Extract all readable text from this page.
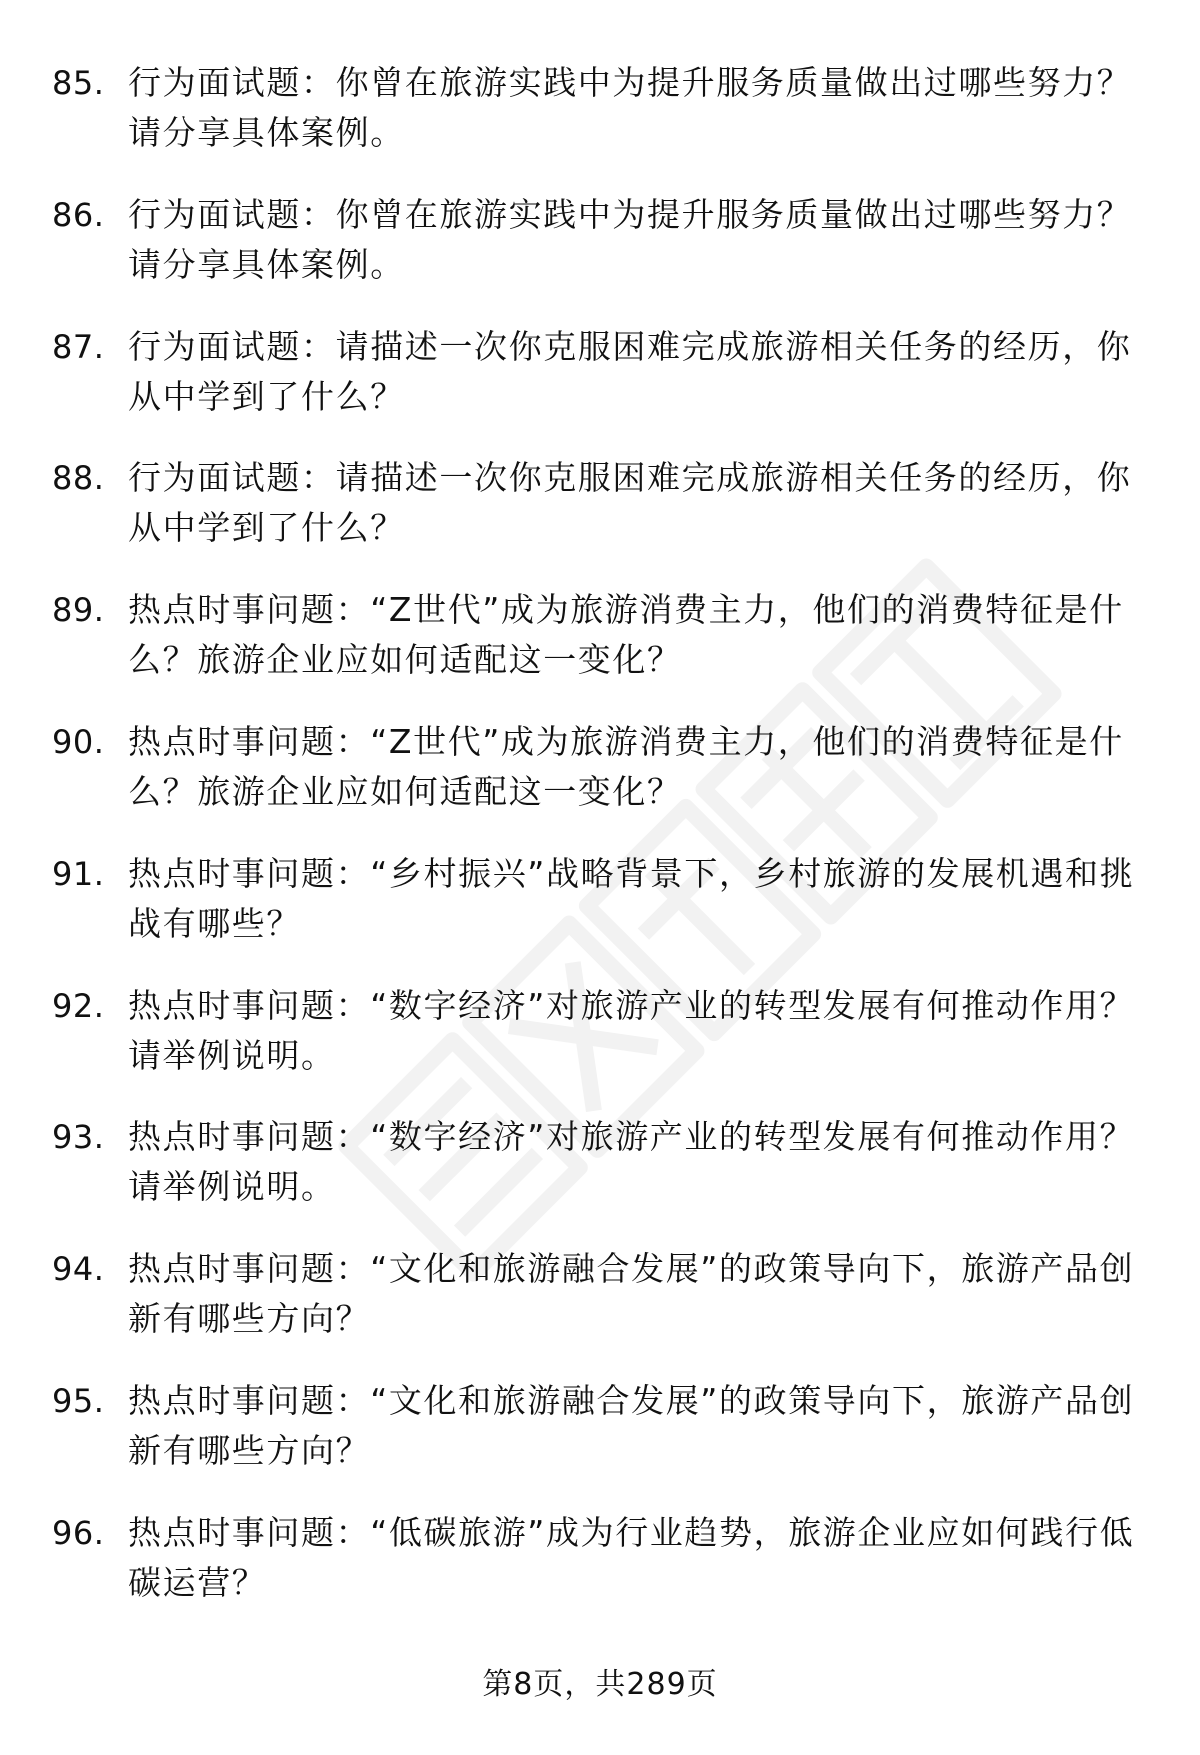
85. 行为面试题：你曾在旅游实践中为提升服务质量做出过哪些努力？请分享具体案例。
86. 行为面试题：你曾在旅游实践中为提升服务质量做出过哪些努力？请分享具体案例。
87. 行为面试题：请描述一次你克服困难完成旅游相关任务的经历，你从中学到了什么？
88. 行为面试题：请描述一次你克服困难完成旅游相关任务的经历，你从中学到了什么？
89. 热点时事问题：“Z世代”成为旅游消费主力，他们的消费特征是什么？旅游企业应如何适配这一变化？
90. 热点时事问题：“Z世代”成为旅游消费主力，他们的消费特征是什么？旅游企业应如何适配这一变化？
91. 热点时事问题：“乡村振兴”战略背景下，乡村旅游的发展机遇和挑战有哪些？
92. 热点时事问题：“数字经济”对旅游产业的转型发展有何推动作用？请举例说明。
93. 热点时事问题：“数字经济”对旅游产业的转型发展有何推动作用？请举例说明。
94. 热点时事问题：“文化和旅游融合发展”的政策导向下，旅游产品创新有哪些方向？
95. 热点时事问题：“文化和旅游融合发展”的政策导向下，旅游产品创新有哪些方向？
96. 热点时事问题：“低碳旅游”成为行业趋势，旅游企业应如何践行低碳运营？
第8页，共289页
